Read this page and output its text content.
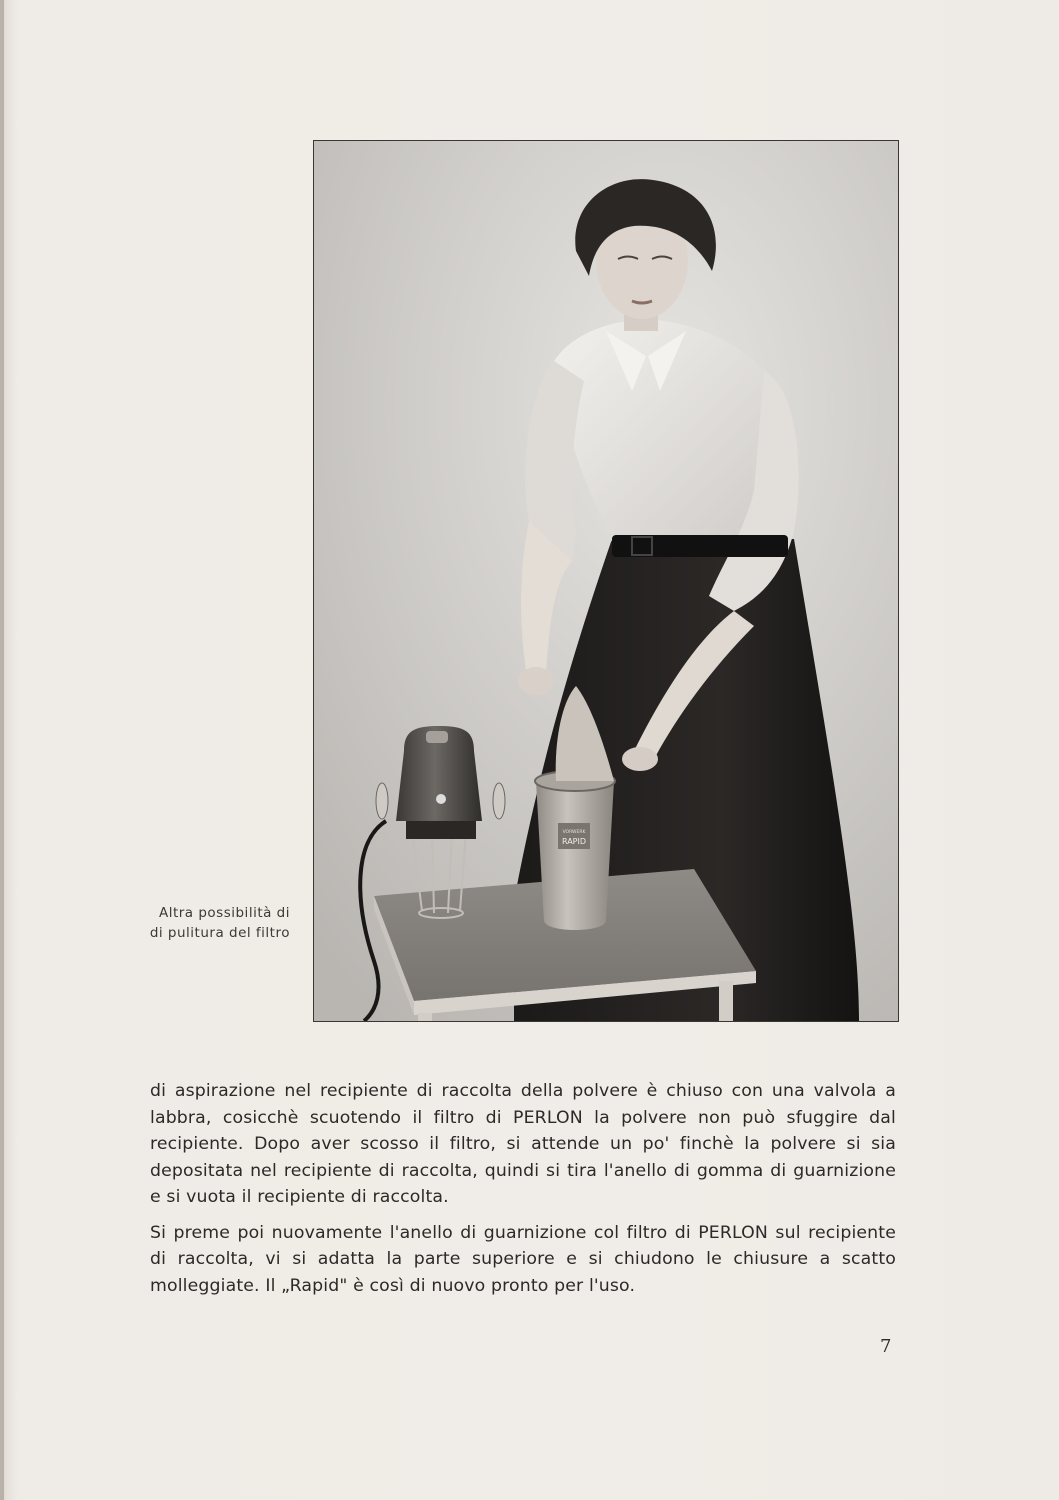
VORWERK
RAPID
Altra possibilità di
di pulitura del filtro

di aspirazione nel recipiente di raccolta della polvere è chiuso con una valvola a labbra, cosicchè scuotendo il filtro di PERLON la polvere non può sfuggire dal recipiente. Dopo aver scosso il filtro, si attende un po' finchè la polvere si sia depositata nel recipiente di raccolta, quindi si tira l'anello di gomma di guarnizione e si vuota il recipiente di raccolta.

Si preme poi nuovamente l'anello di guarnizione col filtro di PERLON sul recipiente di raccolta, vi si adatta la parte superiore e si chiudono le chiusure a scatto molleggiate. Il „Rapid" è così di nuovo pronto per l'uso.

7
